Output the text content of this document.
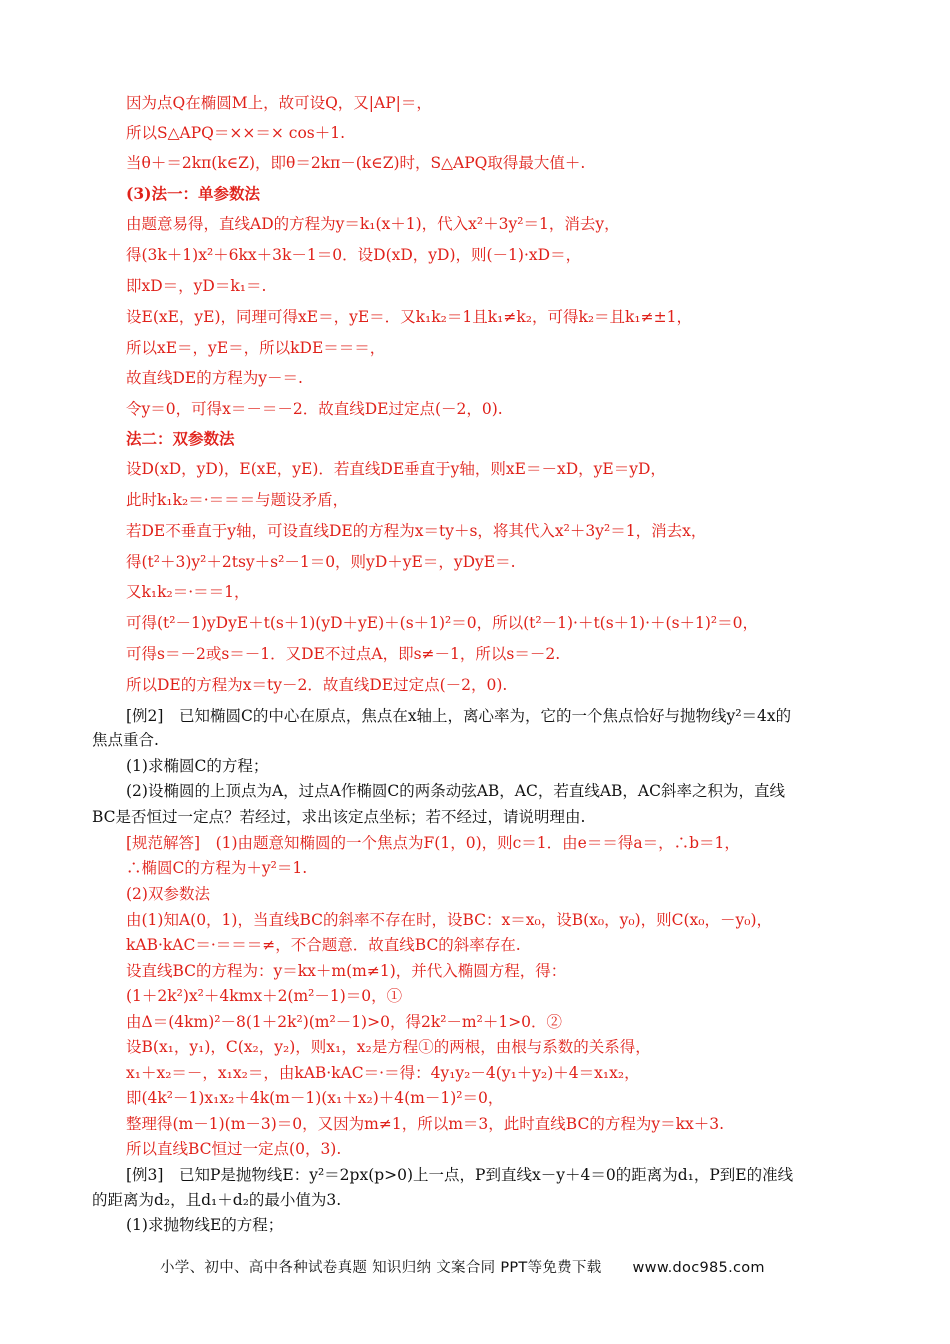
因为点Q在椭圆M上，故可设Q，又|AP|＝，
所以S△APQ＝××＝× cos＋1.
当θ＋＝2kπ(k∈Z)，即θ＝2kπ－(k∈Z)时，S△APQ取得最大值＋.
(3)法一：单参数法
由题意易得，直线AD的方程为y＝k₁(x＋1)，代入x²＋3y²＝1，消去y，
得(3k＋1)x²＋6kx＋3k－1＝0．设D(xD，yD)，则(－1)·xD＝，
即xD＝，yD＝k₁＝.
设E(xE，yE)，同理可得xE＝，yE＝．又k₁k₂＝1且k₁≠k₂，可得k₂＝且k₁≠±1，
所以xE＝，yE＝，所以kDE＝＝＝，
故直线DE的方程为y－＝.
令y＝0，可得x＝－＝－2．故直线DE过定点(－2，0).
法二：双参数法
设D(xD，yD)，E(xE，yE)．若直线DE垂直于y轴，则xE＝－xD，yE＝yD，
此时k₁k₂＝·＝＝＝与题设矛盾，
若DE不垂直于y轴，可设直线DE的方程为x＝ty＋s，将其代入x²＋3y²＝1，消去x，
得(t²＋3)y²＋2tsy＋s²－1＝0，则yD＋yE＝，yDyE＝.
又k₁k₂＝·＝＝1，
可得(t²－1)yDyE＋t(s＋1)(yD＋yE)＋(s＋1)²＝0，所以(t²－1)·＋t(s＋1)·＋(s＋1)²＝0，
可得s＝－2或s＝－1．又DE不过点A，即s≠－1，所以s＝－2.
所以DE的方程为x＝ty－2．故直线DE过定点(－2，0).
[例2]　已知椭圆C的中心在原点，焦点在x轴上，离心率为，它的一个焦点恰好与抛物线y²＝4x的
焦点重合.
(1)求椭圆C的方程；
(2)设椭圆的上顶点为A，过点A作椭圆C的两条动弦AB，AC，若直线AB，AC斜率之积为，直线
BC是否恒过一定点？若经过，求出该定点坐标；若不经过，请说明理由.
[规范解答]　(1)由题意知椭圆的一个焦点为F(1，0)，则c＝1．由e＝＝得a＝，∴b＝1，
∴椭圆C的方程为＋y²＝1.
(2)双参数法
由(1)知A(0，1)，当直线BC的斜率不存在时，设BC：x＝x₀，设B(x₀，y₀)，则C(x₀，－y₀)，
kAB·kAC＝·＝＝＝≠，不合题意．故直线BC的斜率存在.
设直线BC的方程为：y＝kx＋m(m≠1)，并代入椭圆方程，得：
(1＋2k²)x²＋4kmx＋2(m²－1)＝0，①
由Δ＝(4km)²－8(1＋2k²)(m²－1)>0，得2k²－m²＋1>0．②
设B(x₁，y₁)，C(x₂，y₂)，则x₁，x₂是方程①的两根，由根与系数的关系得，
x₁＋x₂＝－，x₁x₂＝，由kAB·kAC＝·＝得：4y₁y₂－4(y₁＋y₂)＋4＝x₁x₂，
即(4k²－1)x₁x₂＋4k(m－1)(x₁＋x₂)＋4(m－1)²＝0，
整理得(m－1)(m－3)＝0，又因为m≠1，所以m＝3，此时直线BC的方程为y＝kx＋3.
所以直线BC恒过一定点(0，3).
[例3]　已知P是抛物线E：y²＝2px(p>0)上一点，P到直线x－y＋4＝0的距离为d₁，P到E的准线
的距离为d₂，且d₁＋d₂的最小值为3.
(1)求抛物线E的方程；
小学、初中、高中各种试卷真题 知识归纳 文案合同 PPT等免费下载 www.doc985.com
